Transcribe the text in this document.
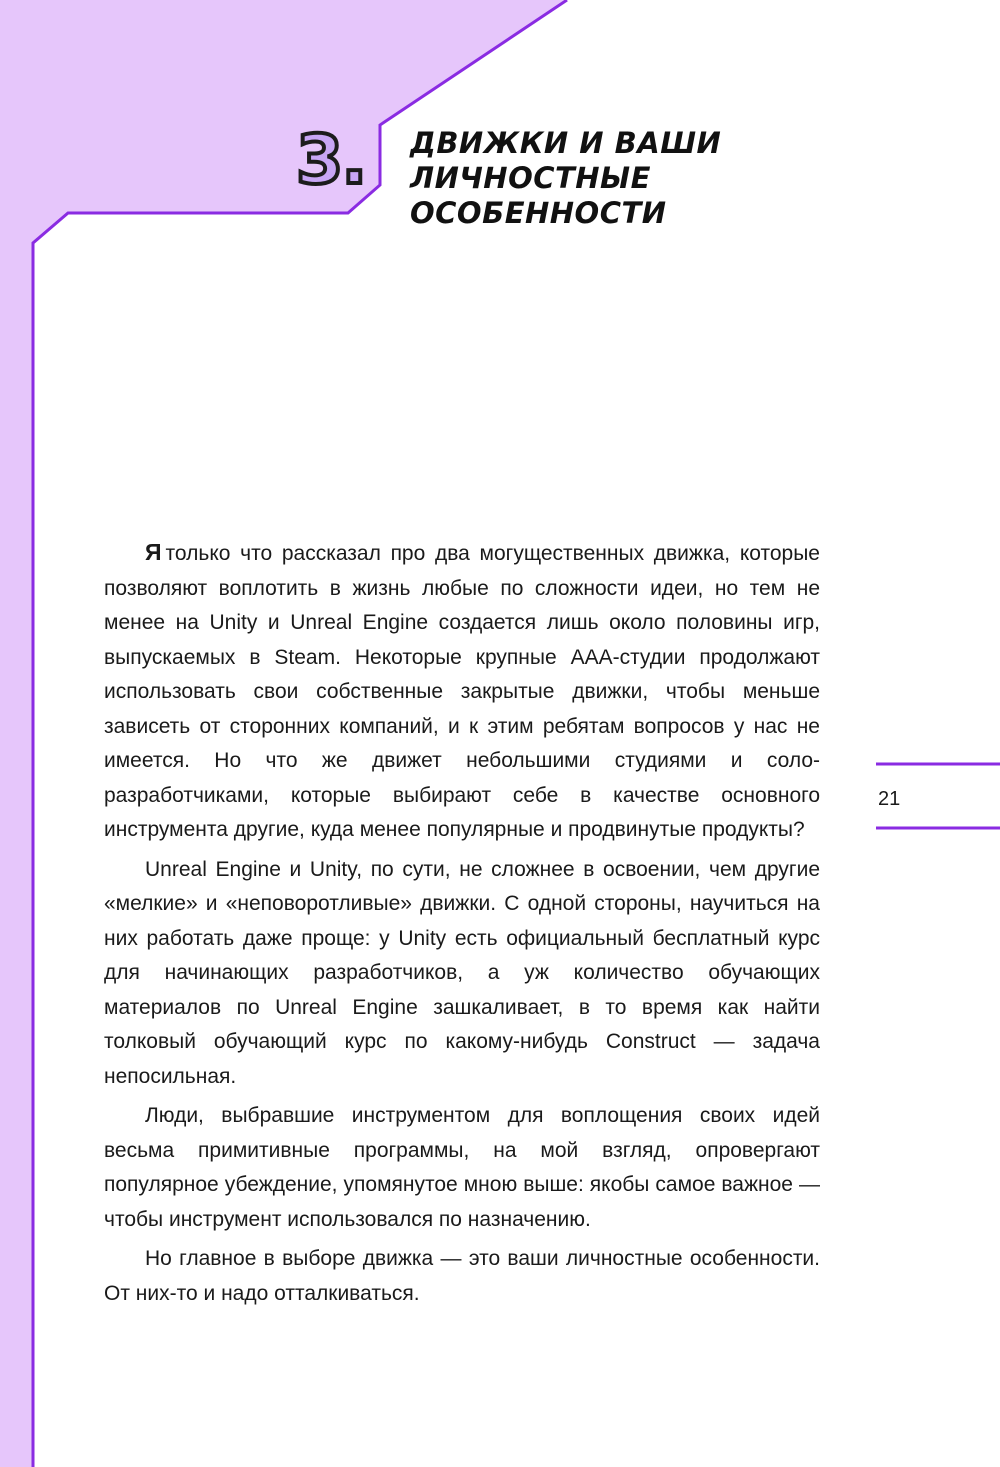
3.	ДВИЖКИ И ВАШИ
ЛИЧНОСТНЫЕ
ОСОБЕННОСТИ

Я только что рассказал про два могущественных движка, которые позволяют воплотить в жизнь любые по сложности идеи, но тем не менее на Unity и Unreal Engine создается лишь около половины игр, выпускаемых в Steam. Некоторые крупные AAA-студии продолжают использовать свои собственные закрытые движки, чтобы меньше зависеть от сторонних компаний, и к этим ребятам вопросов у нас не имеется. Но что же движет небольшими студиями и соло-разработчиками, которые выбирают себе в качестве основного инструмента другие, куда менее популярные и продвинутые продукты?

Unreal Engine и Unity, по сути, не сложнее в освоении, чем другие «мелкие» и «неповоротливые» движки. С одной стороны, научиться на них работать даже проще: у Unity есть официальный бесплатный курс для начинающих разработчиков, а уж количество обучающих материалов по Unreal Engine зашкаливает, в то время как найти толковый обучающий курс по какому-нибудь Construct — задача непосильная.

Люди, выбравшие инструментом для воплощения своих идей весьма примитивные программы, на мой взгляд, опровергают популярное убеждение, упомянутое мною выше: якобы самое важное — чтобы инструмент использовался по назначению.

Но главное в выборе движка — это ваши личностные особенности. От них-то и надо отталкиваться.

21
